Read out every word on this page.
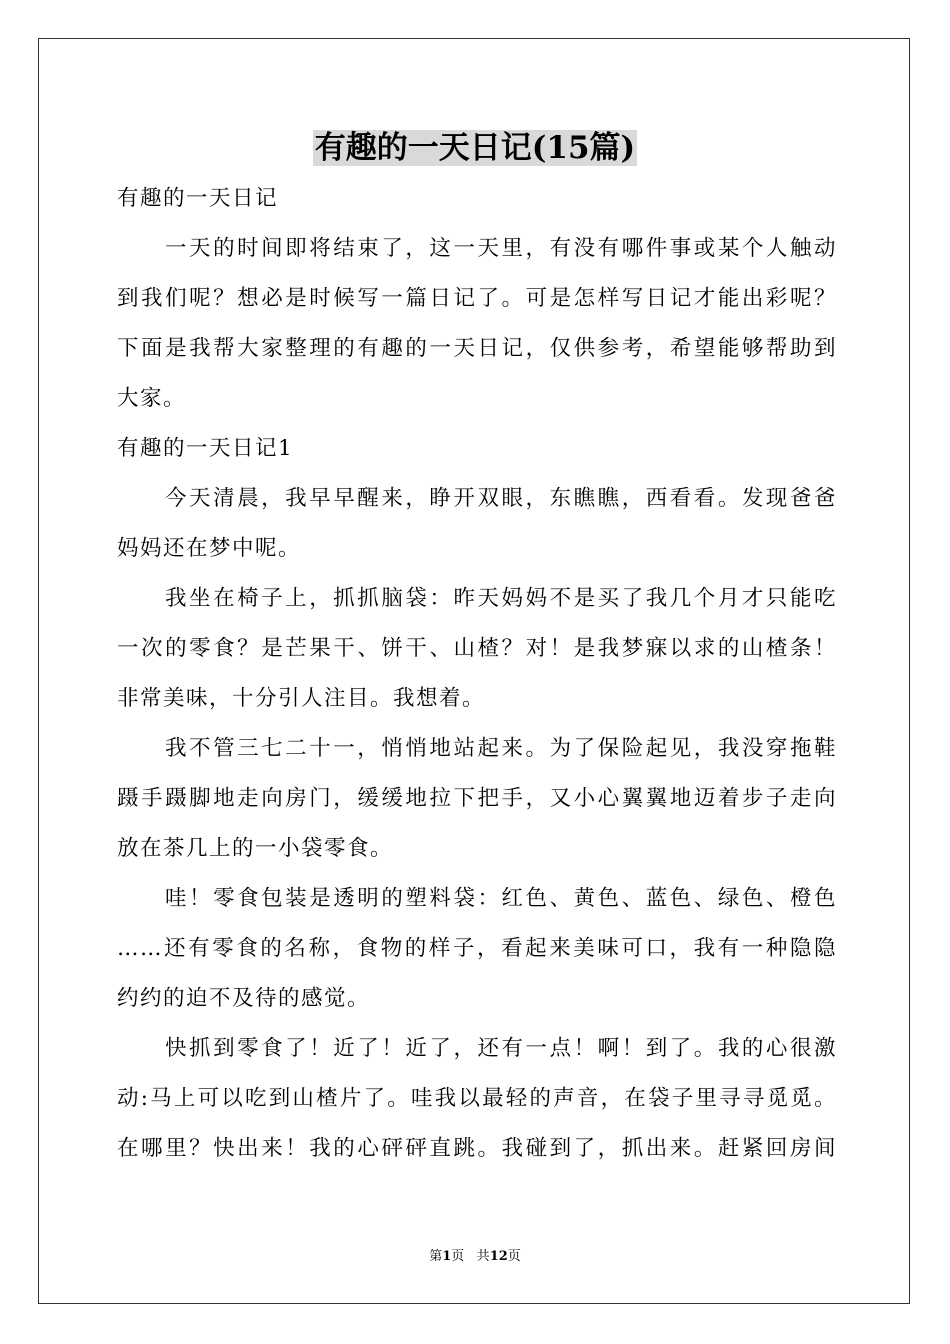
有趣的一天日记(15篇)
有趣的一天日记
一天的时间即将结束了，这一天里，有没有哪件事或某个人触动
到我们呢？想必是时候写一篇日记了。可是怎样写日记才能出彩呢？
下面是我帮大家整理的有趣的一天日记，仅供参考，希望能够帮助到
大家。
有趣的一天日记1
今天清晨，我早早醒来，睁开双眼，东瞧瞧，西看看。发现爸爸
妈妈还在梦中呢。
我坐在椅子上，抓抓脑袋：昨天妈妈不是买了我几个月才只能吃
一次的零食？是芒果干、饼干、山楂？对！是我梦寐以求的山楂条！
非常美味，十分引人注目。我想着。
我不管三七二十一，悄悄地站起来。为了保险起见，我没穿拖鞋
蹑手蹑脚地走向房门，缓缓地拉下把手，又小心翼翼地迈着步子走向
放在茶几上的一小袋零食。
哇！零食包装是透明的塑料袋：红色、黄色、蓝色、绿色、橙色
……还有零食的名称，食物的样子，看起来美味可口，我有一种隐隐
约约的迫不及待的感觉。
快抓到零食了！近了！近了，还有一点！啊！到了。我的心很激
动:马上可以吃到山楂片了。哇我以最轻的声音，在袋子里寻寻觅觅。
在哪里？快出来！我的心砰砰直跳。我碰到了，抓出来。赶紧回房间
第1页 共12页
